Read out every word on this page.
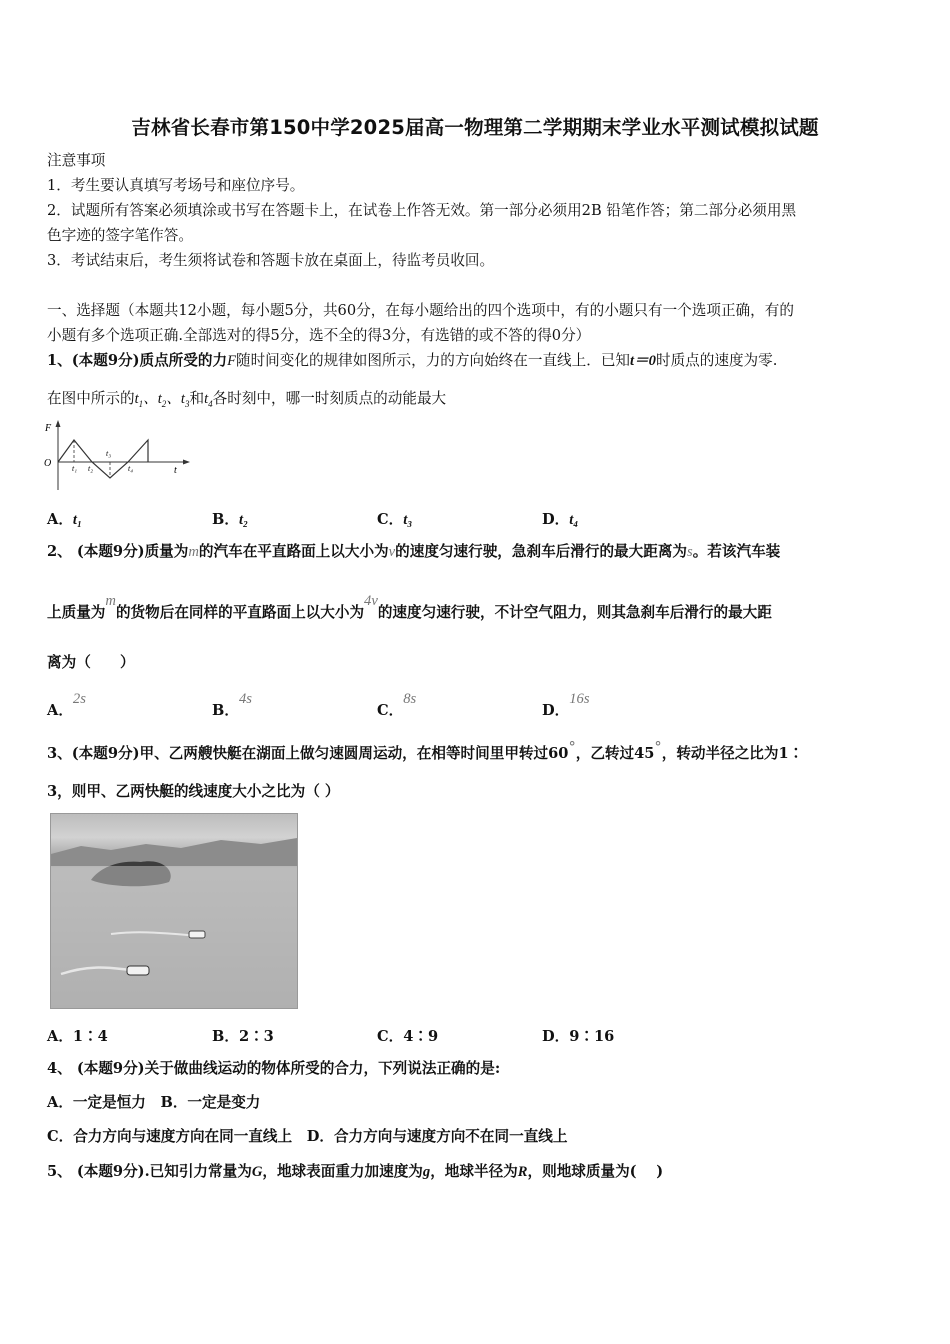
吉林省长春市第150中学2025届高一物理第二学期期末学业水平测试模拟试题
注意事项
1．考生要认真填写考场号和座位序号。
2．试题所有答案必须填涂或书写在答题卡上，在试卷上作答无效。第一部分必须用2B 铅笔作答；第二部分必须用黑
色字迹的签字笔作答。
3．考试结束后，考生须将试卷和答题卡放在桌面上，待监考员收回。
一、选择题（本题共12小题，每小题5分，共60分，在每小题给出的四个选项中，有的小题只有一个选项正确，有的
小题有多个选项正确.全部选对的得5分，选不全的得3分，有选错的或不答的得0分）
1、(本题9分)质点所受的力F随时间变化的规律如图所示，力的方向始终在一直线上．已知t＝0时质点的速度为零.
在图中所示的$t_1$、$t_2$、$t_3$和$t_4$各时刻中，哪一时刻质点的动能最大
F
O
t
t₁ t₂
t₃
t₄
A．t₁	B．t₂	C．t₃	D．t₄
2、 (本题9分)质量为m的汽车在平直路面上以大小为v的速度匀速行驶，急刹车后滑行的最大距离为s。若该汽车装
上质量为m的货物后在同样的平直路面上以大小为4v的速度匀速行驶，不计空气阻力，则其急刹车后滑行的最大距
离为（　　）
A．2s
B．4s
C．8s
D．16s
3、(本题9分)甲、乙两艘快艇在湖面上做匀速圆周运动，在相等时间里甲转过60°，乙转过45°，转动半径之比为1∶
3，则甲、乙两快艇的线速度大小之比为（ ）
A．1∶4	B．2∶3	C．4∶9	D．9∶16
4、 (本题9分)关于做曲线运动的物体所受的合力，下列说法正确的是:
A．一定是恒力　B．一定是变力
C．合力方向与速度方向在同一直线上　D．合力方向与速度方向不在同一直线上
5、 (本题9分).已知引力常量为G，地球表面重力加速度为g，地球半径为R，则地球质量为(　 )
